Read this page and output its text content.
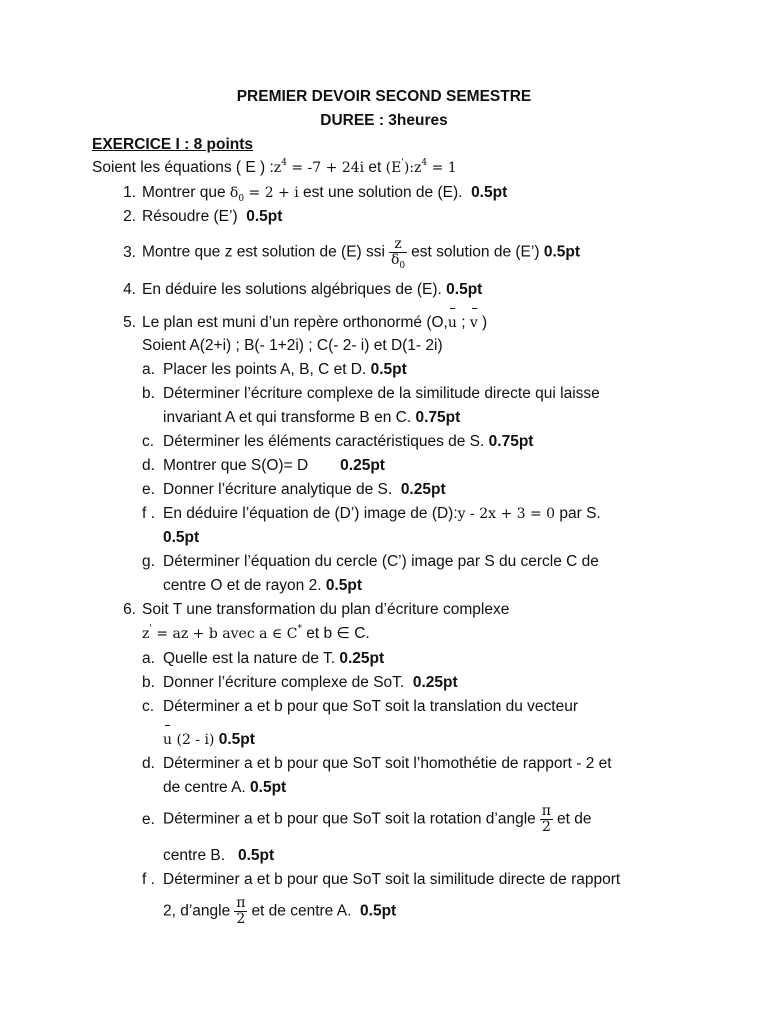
PREMIER DEVOIR SECOND SEMESTRE
DUREE : 3heures
EXERCICE I : 8 points
Soient les équations ( E ) $:z^4 = -7 + 24i$ et $(E'):z^4 = 1$
1. Montrer que $\delta_0 = 2 + i$ est une solution de (E). 0.5pt
2. Résoudre (E’) 0.5pt
3. Montre que z est solution de (E) ssi $\frac{z}{\delta_0}$ est solution de (E’) 0.5pt
4. En déduire les solutions algébriques de (E). 0.5pt
5. Le plan est muni d’un repère orthonormé (O,u ; v )
Soient A(2+i) ; B(- 1+2i) ; C(- 2- i) et D(1- 2i)
a. Placer les points A, B, C et D. 0.5pt
b. Déterminer l’écriture complexe de la similitude directe qui laisse
invariant A et qui transforme B en C. 0.75pt
c. Déterminer les éléments caractéristiques de S. 0.75pt
d. Montrer que S(O)= D 0.25pt
e. Donner l’écriture analytique de S. 0.25pt
f . En déduire l’équation de (D’) image de (D):y - 2x + 3 = 0 par S.
0.5pt
g. Déterminer l’équation du cercle (C’) image par S du cercle C de
centre O et de rayon 2. 0.5pt
6. Soit T une transformation du plan d’écriture complexe
z' = az + b avec a ∈ C* et b ∈ C.
a. Quelle est la nature de T. 0.25pt
b. Donner l’écriture complexe de SoT. 0.25pt
c. Déterminer a et b pour que SoT soit la translation du vecteur
u (2 - i) 0.5pt
d. Déterminer a et b pour que SoT soit l’homothétie de rapport - 2 et
de centre A. 0.5pt
e. Déterminer a et b pour que SoT soit la rotation d’angle $\frac{\pi}{2}$ et de
centre B. 0.5pt
f . Déterminer a et b pour que SoT soit la similitude directe de rapport
2, d’angle $\frac{\pi}{2}$ et de centre A. 0.5pt
